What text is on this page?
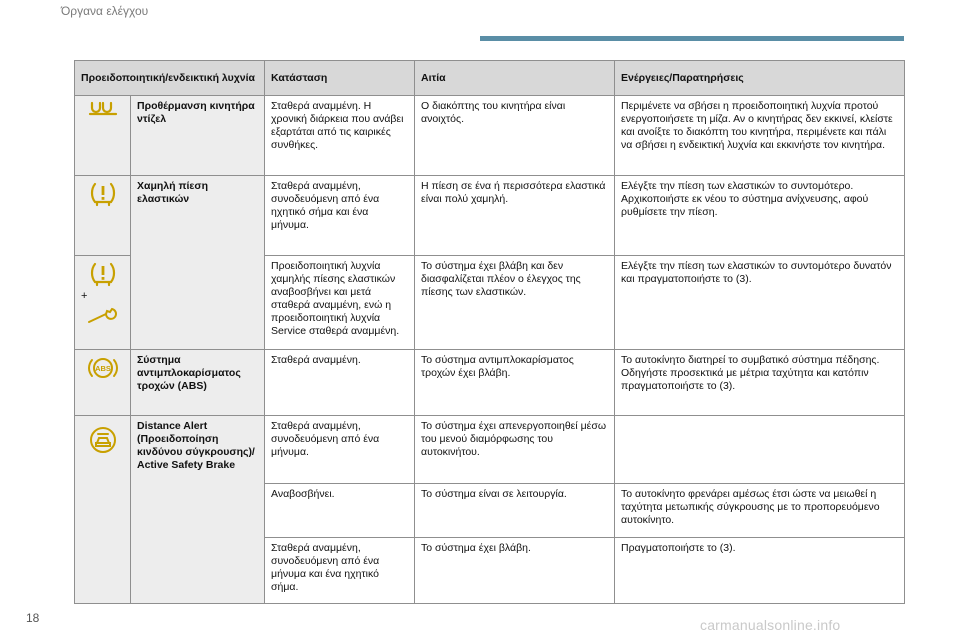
Όργανα ελέγχου
Προειδοποιητική/ενδεικτική λυχνία		Κατάσταση	Αιτία	Ενέργειες/Παρατηρήσεις

	Προθέρμανση κινητήρα ντίζελ	Σταθερά αναμμένη. Η χρονική διάρκεια που ανάβει εξαρτάται από τις καιρικές συνθήκες.	Ο διακόπτης του κινητήρα είναι ανοιχτός.	Περιμένετε να σβήσει η προειδοποιητική λυχνία προτού ενεργοποιήσετε τη μίζα. Αν ο κινητήρας δεν εκκινεί, κλείστε και ανοίξτε το διακόπτη του κινητήρα, περιμένετε και πάλι να σβήσει η ενδεικτική λυχνία και εκκινήστε τον κινητήρα.

	Χαμηλή πίεση ελαστικών	Σταθερά αναμμένη, συνοδευόμενη από ένα ηχητικό σήμα και ένα μήνυμα.	Η πίεση σε ένα ή περισσότερα ελαστικά είναι πολύ χαμηλή.	Ελέγξτε την πίεση των ελαστικών το συντομότερο. Αρχικοποιήστε εκ νέου το σύστημα ανίχνευσης, αφού ρυθμίσετε την πίεση.

+		Προειδοποιητική λυχνία χαμηλής πίεσης ελαστικών αναβοσβήνει και μετά σταθερά αναμμένη, ενώ η προειδοποιητική λυχνία Service σταθερά αναμμένη.	Το σύστημα έχει βλάβη και δεν διασφαλίζεται πλέον ο έλεγχος της πίεσης των ελαστικών.	Ελέγξτε την πίεση των ελαστικών το συντομότερο δυνατόν και πραγματοποιήστε το (3).

ABS	Σύστημα αντιμπλοκαρίσματος τροχών (ABS)	Σταθερά αναμμένη.	Το σύστημα αντιμπλοκαρίσματος τροχών έχει βλάβη.	Το αυτοκίνητο διατηρεί το συμβατικό σύστημα πέδησης. Οδηγήστε προσεκτικά με μέτρια ταχύτητα και κατόπιν πραγματοποιήστε το (3).

	Distance Alert (Προειδοποίηση κινδύνου σύγκρουσης)/ Active Safety Brake	Σταθερά αναμμένη, συνοδευόμενη από ένα μήνυμα.	Το σύστημα έχει απενεργοποιηθεί μέσω του μενού διαμόρφωσης του αυτοκινήτου.	
		Αναβοσβήνει.	Το σύστημα είναι σε λειτουργία.	Το αυτοκίνητο φρενάρει αμέσως έτσι ώστε να μειωθεί η ταχύτητα μετωπικής σύγκρουσης με το προπορευόμενο αυτοκίνητο.
		Σταθερά αναμμένη, συνοδευόμενη από ένα μήνυμα και ένα ηχητικό σήμα.	Το σύστημα έχει βλάβη.	Πραγματοποιήστε το (3).
18	carmanualsonline.info
